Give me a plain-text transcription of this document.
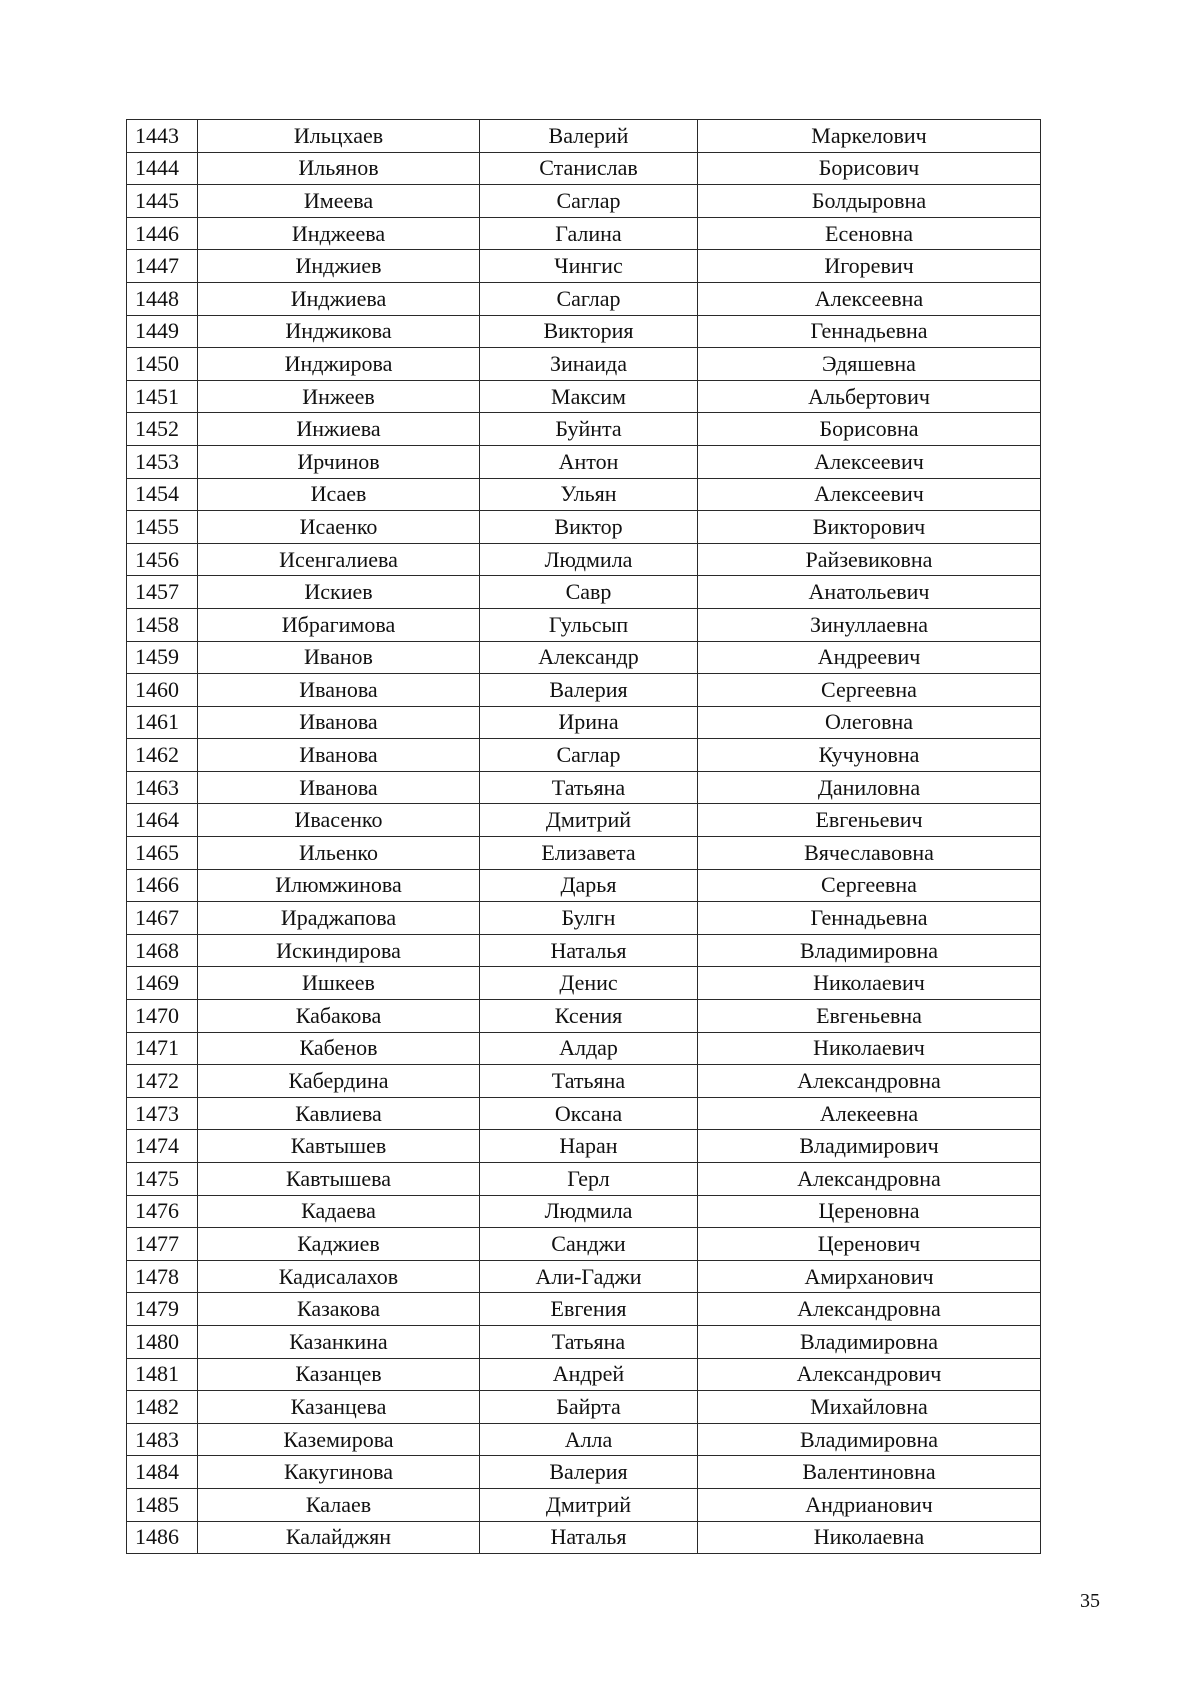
1443	Ильцхаев	Валерий	Маркелович
1444	Ильянов	Станислав	Борисович
1445	Имеева	Саглар	Болдыровна
1446	Инджеева	Галина	Есеновна
1447	Инджиев	Чингис	Игоревич
1448	Инджиева	Саглар	Алексеевна
1449	Инджикова	Виктория	Геннадьевна
1450	Инджирова	Зинаида	Эдяшевна
1451	Инжеев	Максим	Альбертович
1452	Инжиева	Буйнта	Борисовна
1453	Ирчинов	Антон	Алексеевич
1454	Исаев	Ульян	Алексеевич
1455	Исаенко	Виктор	Викторович
1456	Исенгалиева	Людмила	Райзевиковна
1457	Искиев	Савр	Анатольевич
1458	Ибрагимова	Гульсып	Зинуллаевна
1459	Иванов	Александр	Андреевич
1460	Иванова	Валерия	Сергеевна
1461	Иванова	Ирина	Олеговна
1462	Иванова	Саглар	Кучуновна
1463	Иванова	Татьяна	Даниловна
1464	Ивасенко	Дмитрий	Евгеньевич
1465	Ильенко	Елизавета	Вячеславовна
1466	Илюмжинова	Дарья	Сергеевна
1467	Ираджапова	Булгн	Геннадьевна
1468	Искиндирова	Наталья	Владимировна
1469	Ишкеев	Денис	Николаевич
1470	Кабакова	Ксения	Евгеньевна
1471	Кабенов	Алдар	Николаевич
1472	Кабердина	Татьяна	Александровна
1473	Кавлиева	Оксана	Алекеевна
1474	Кавтышев	Наран	Владимирович
1475	Кавтышева	Герл	Александровна
1476	Кадаева	Людмила	Цереновна
1477	Каджиев	Санджи	Церенович
1478	Кадисалахов	Али-Гаджи	Амирханович
1479	Казакова	Евгения	Александровна
1480	Казанкина	Татьяна	Владимировна
1481	Казанцев	Андрей	Александрович
1482	Казанцева	Байрта	Михайловна
1483	Каземирова	Алла	Владимировна
1484	Какугинова	Валерия	Валентиновна
1485	Калаев	Дмитрий	Андрианович
1486	Калайджян	Наталья	Николаевна
35
